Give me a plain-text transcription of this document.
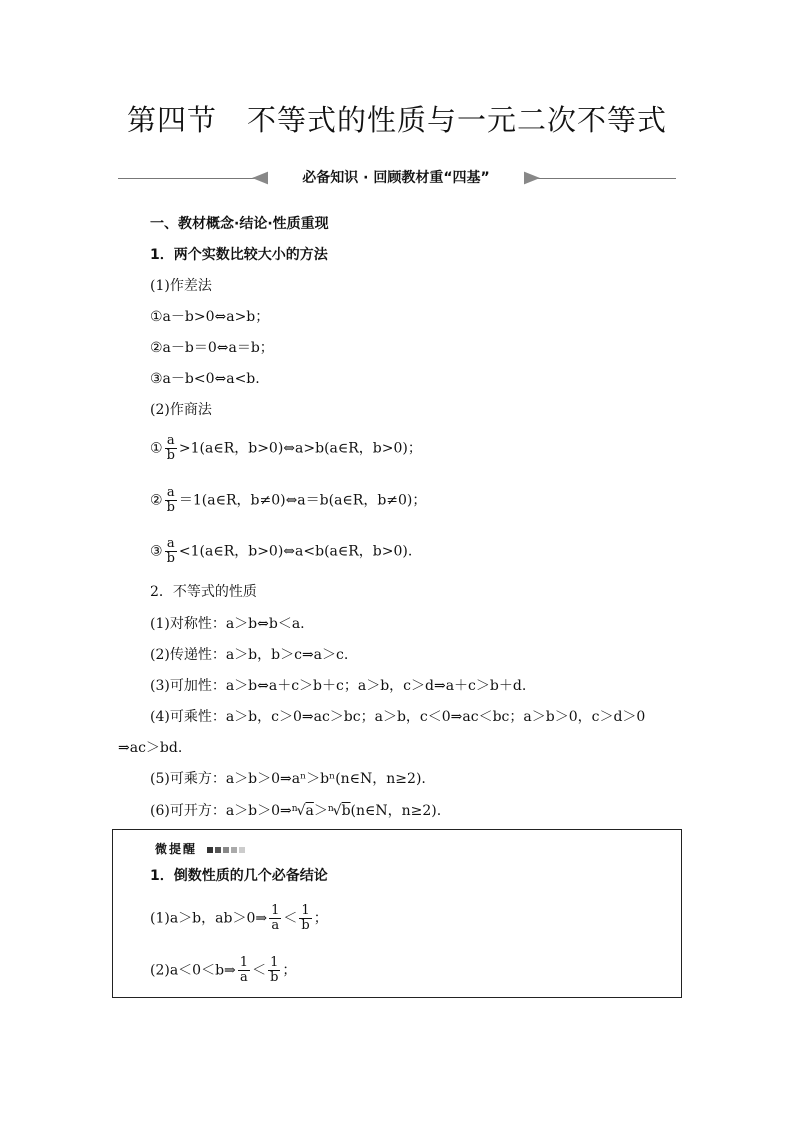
第四节　不等式的性质与一元二次不等式
必备知识 · 回顾教材重“四基”
一、教材概念·结论·性质重现
1．两个实数比较大小的方法
(1)作差法
①a－b>0⇔a>b；
②a－b＝0⇔a＝b；
③a－b<0⇔a<b.
(2)作商法
① $\frac{a}{b}$ >1(a∈R，b>0)⇔a>b(a∈R，b>0)；
② $\frac{a}{b}$ ＝1(a∈R，b≠0)⇔a＝b(a∈R，b≠0)；
③ $\frac{a}{b}$ <1(a∈R，b>0)⇔a<b(a∈R，b>0).
2．不等式的性质
(1)对称性：a＞b⇔b＜a.
(2)传递性：a＞b，b＞c⇒a＞c.
(3)可加性：a＞b⇔a＋c＞b＋c；a＞b，c＞d⇒a＋c＞b＋d.
(4)可乘性：a＞b，c＞0⇒ac＞bc；a＞b，c＜0⇒ac＜bc；a＞b＞0，c＞d＞0
⇒ac＞bd.
(5)可乘方：a＞b＞0⇒aⁿ＞bⁿ(n∈N，n≥2).
(6)可开方：a＞b＞0⇒$^n$√a＞$^n$√b(n∈N，n≥2).
微提醒
1．倒数性质的几个必备结论
(1)a＞b，ab＞0⇒ $\frac{1}{a} < \frac{1}{b}$ ；
(2)a＜0＜b⇒ $\frac{1}{a} < \frac{1}{b}$ ；
